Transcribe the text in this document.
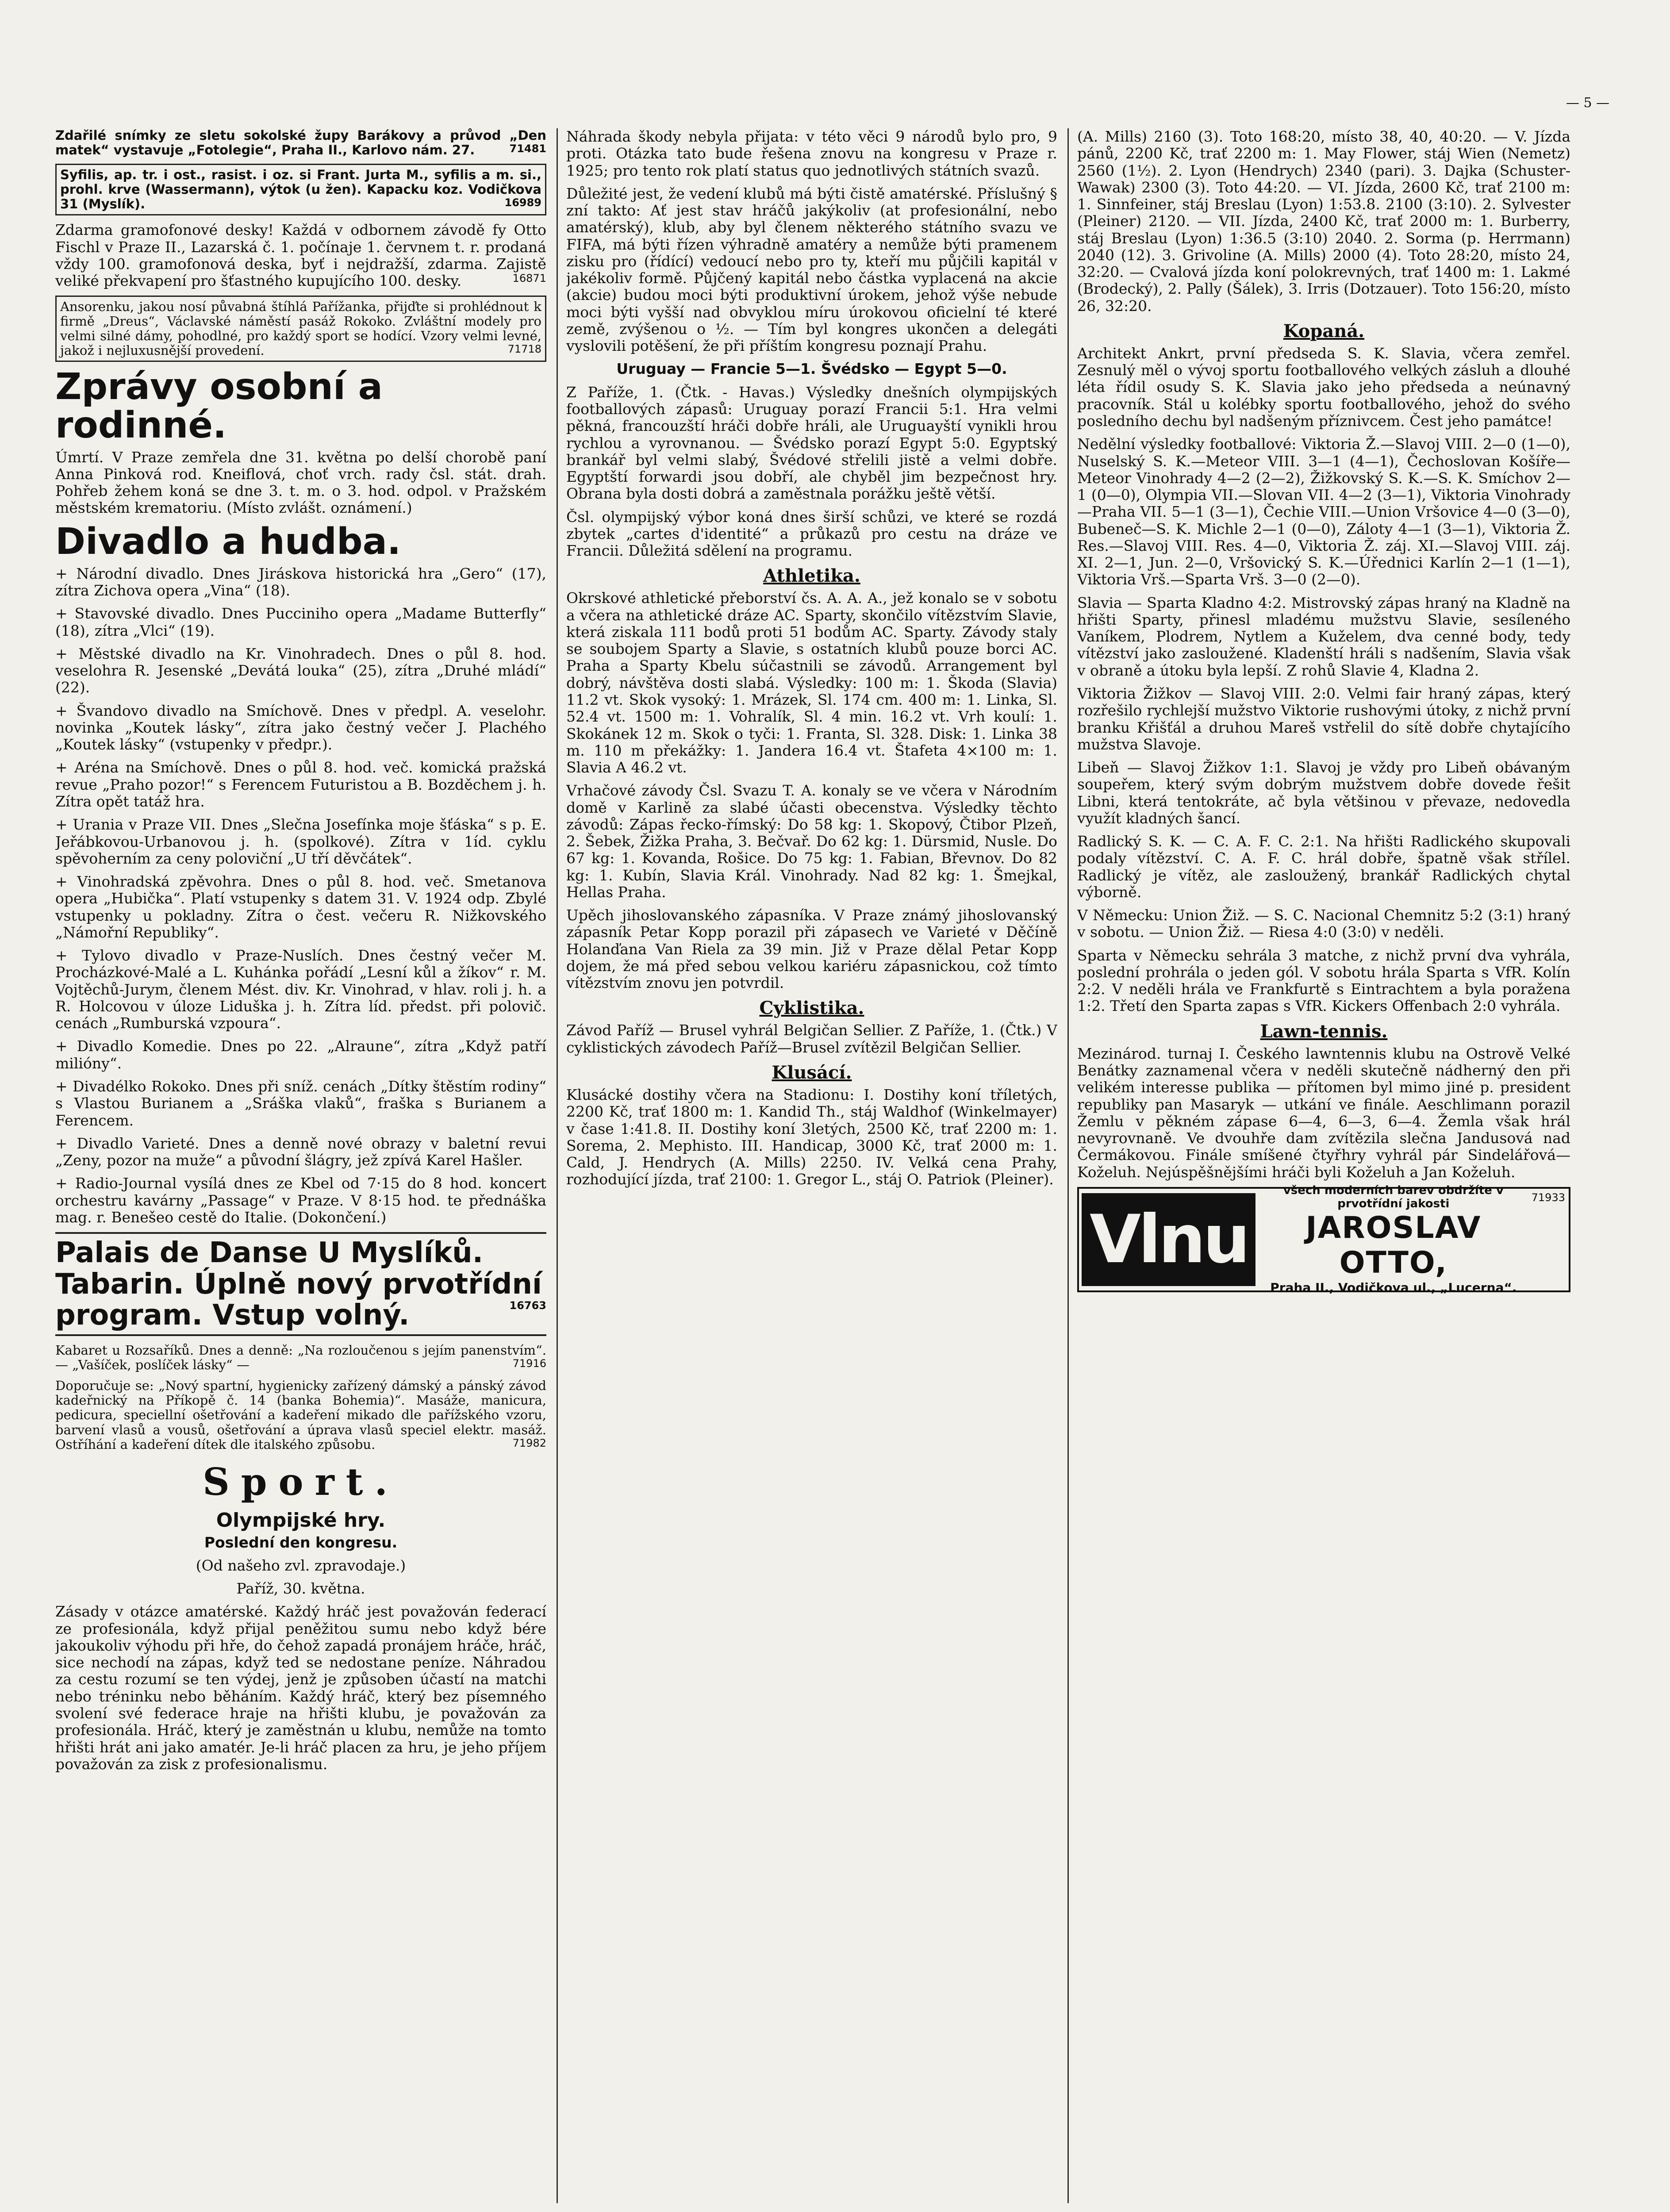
— 5 —

Zdařilé snímky ze sletu sokolské župy Barákovy a průvod „Den matek“ vystavuje „Fotolegie“, Praha II., Karlovo nám. 27.	71481

Syfilis, ap. tr. i ost., rasist. i oz. si Frant. Jurta M., syfilis a m. si., prohl. krve (Wassermann), výtok (u žen). Kapacku koz. Vodičkova 31 (Myslík).	16989

Zdarma gramofonové desky! Každá v odbornem závodě fy Otto Fischl v Praze II., Lazarská č. 1. počínaje 1. červnem t. r. prodaná vždy 100. gramofonová deska, byť i nejdražší, zdarma. Zajistě veliké překvapení pro šťastného kupujícího 100. desky.	16871

Ansorenku, jakou nosí půvabná štíhlá Pařížanka, přijďte si prohlédnout k firmě „Dreus“, Václavské náměstí pasáž Rokoko. Zvláštní modely pro velmi silné dámy, pohodlné, pro každý sport se hodící. Vzory velmi levné, jakož i nejluxusnější provedení.	71718

Zprávy osobní a rodinné.

Úmrtí. V Praze zemřela dne 31. května po delší chorobě paní Anna Pinková rod. Kneiflová, choť vrch. rady čsl. stát. drah. Pohřeb žehem koná se dne 3. t. m. o 3. hod. odpol. v Pražském městském krematoriu. (Místo zvlášt. oznámení.)

Divadlo a hudba.

+ Národní divadlo. Dnes Jiráskova historická hra „Gero“ (17), zítra Zichova opera „Vina“ (18).

+ Stavovské divadlo. Dnes Pucciniho opera „Madame Butterfly“ (18), zítra „Vlci“ (19).

+ Městské divadlo na Kr. Vinohradech. Dnes o půl 8. hod. veselohra R. Jesenské „Devátá louka“ (25), zítra „Druhé mládí“ (22).

+ Švandovo divadlo na Smíchově. Dnes v předpl. A. veselohr. novinka „Koutek lásky“, zítra jako čestný večer J. Plachého „Koutek lásky“ (vstupenky v předpr.).

+ Aréna na Smíchově. Dnes o půl 8. hod. več. komická pražská revue „Praho pozor!“ s Ferencem Futuristou a B. Bozděchem j. h. Zítra opět tatáž hra.

+ Urania v Praze VII. Dnes „Slečna Josefínka moje šťáska“ s p. E. Jeřábkovou-Urbanovou j. h. (spolkové). Zítra v 1íd. cyklu spěvoherním za ceny poloviční „U tří děvčátek“.

+ Vinohradská zpěvohra. Dnes o půl 8. hod. več. Smetanova opera „Hubička“. Platí vstupenky s datem 31. V. 1924 odp. Zbylé vstupenky u pokladny. Zítra o čest. večeru R. Nižkovského „Námořní Republiky“.

+ Tylovo divadlo v Praze-Nuslích. Dnes čestný večer M. Procházkové-Malé a L. Kuhánka pořádí „Lesní kůl a žíkov“ r. M. Vojtěchů-Jurym, členem Mést. div. Kr. Vinohrad, v hlav. roli j. h. a R. Holcovou v úloze Liduška j. h. Zítra líd. předst. při polovič. cenách „Rumburská vzpoura“.

+ Divadlo Komedie. Dnes po 22. „Alraune“, zítra „Když patří milióny“.

+ Divadélko Rokoko. Dnes při sníž. cenách „Dítky štěstím rodiny“ s Vlastou Burianem a „Sráška vlaků“, fraška s Burianem a Ferencem.

+ Divadlo Varieté. Dnes a denně nové obrazy v baletní revui „Zeny, pozor na muže“ a původní šlágry, jež zpívá Karel Hašler.

+ Radio-Journal vysílá dnes ze Kbel od 7·15 do 8 hod. koncert orchestru kavárny „Passage“ v Praze. V 8·15 hod. te přednáška mag. r. Benešeo cestě do Italie. (Dokončení.)

Palais de Danse U Myslíků. Tabarin. Úplně nový prvotřídní program. Vstup volný.	16763

Kabaret u Rozsaříků. Dnes a denně: „Na rozloučenou s jejím panenstvím“. — „Vašíček, poslíček lásky“ —	71916

Doporučuje se: „Nový spartní, hygienicky zařízený dámský a pánský závod kadeřnický na Příkopě č. 14 (banka Bohemia)“. Masáže, manicura, pedicura, speciellní ošetřování a kadeření mikado dle pařížského vzoru, barvení vlasů a vousů, ošetřování a úprava vlasů speciel elektr. masáž. Ostříhání a kadeření dítek dle italského způsobu.	71982

Sport.
Olympijské hry.

Poslední den kongresu.

(Od našeho zvl. zpravodaje.)

Paříž, 30. května.

Zásady v otázce amatérské. Každý hráč jest považován federací ze profesionála, když přijal peněžitou sumu nebo když bére jakoukoliv výhodu při hře, do čehož zapadá pronájem hráče, hráč, sice nechodí na zápas, když ted se nedostane peníze. Náhradou za cestu rozumí se ten výdej, jenž je způsoben účastí na matchi nebo tréninku nebo běháním. Každý hráč, který bez písemného svolení své federace hraje na hřišti klubu, je považován za profesionála. Hráč, který je zaměstnán u klubu, nemůže na tomto hřišti hrát ani jako amatér. Je-li hráč placen za hru, je jeho příjem považován za zisk z profesionalismu.

Náhrada škody nebyla přijata: v této věci 9 národů bylo pro, 9 proti. Otázka tato bude řešena znovu na kongresu v Praze r. 1925; pro tento rok platí status quo jednotlivých státních svazů.

Důležité jest, že vedení klubů má býti čistě amatérské. Příslušný § zní takto: Ať jest stav hráčů jakýkoliv (at profesionální, nebo amatérský), klub, aby byl členem některého státního svazu ve FIFA, má býti řízen výhradně amatéry a nemůže býti pramenem zisku pro (řídící) vedoucí nebo pro ty, kteří mu půjčili kapitál v jakékoliv formě. Půjčený kapitál nebo částka vyplacená na akcie (akcie) budou moci býti produktivní úrokem, jehož výše nebude moci býti vyšší nad obvyklou míru úrokovou oficielní té které země, zvýšenou o ½. — Tím byl kongres ukončen a delegáti vyslovili potěšení, že při příštím kongresu poznají Prahu.

Uruguay — Francie 5—1. Švédsko — Egypt 5—0.

Z Paříže, 1. (Čtk. - Havas.) Výsledky dnešních olympijských footballových zápasů: Uruguay porazí Francii 5:1. Hra velmi pěkná, francouzští hráči dobře hráli, ale Uruguayští vynikli hrou rychlou a vyrovnanou. — Švédsko porazí Egypt 5:0. Egyptský brankář byl velmi slabý, Švédové střelili jistě a velmi dobře. Egyptští forwardi jsou dobří, ale chyběl jim bezpečnost hry. Obrana byla dosti dobrá a zaměstnala porážku ještě větší.

Čsl. olympijský výbor koná dnes širší schůzi, ve které se rozdá zbytek „cartes d'identité“ a průkazů pro cestu na dráze ve Francii. Důležitá sdělení na programu.

Athletika.

Okrskové athletické přeborství čs. A. A. A., jež konalo se v sobotu a včera na athletické dráze AC. Sparty, skončilo vítězstvím Slavie, která ziskala 111 bodů proti 51 bodům AC. Sparty. Závody staly se soubojem Sparty a Slavie, s ostatních klubů pouze borci AC. Praha a Sparty Kbelu súčastnili se závodů. Arrangement byl dobrý, návštěva dosti slabá. Výsledky: 100 m: 1. Škoda (Slavia) 11.2 vt. Skok vysoký: 1. Mrázek, Sl. 174 cm. 400 m: 1. Linka, Sl. 52.4 vt. 1500 m: 1. Vohralík, Sl. 4 min. 16.2 vt. Vrh koulí: 1. Skokánek 12 m. Skok o tyči: 1. Franta, Sl. 328. Disk: 1. Linka 38 m. 110 m překážky: 1. Jandera 16.4 vt. Štafeta 4×100 m: 1. Slavia A 46.2 vt.

Vrhačové závody Čsl. Svazu T. A. konaly se ve včera v Národním domě v Karlině za slabé účasti obecenstva. Výsledky těchto závodů: Zápas řecko-římský: Do 58 kg: 1. Skopový, Čtibor Plzeň, 2. Šebek, Žižka Praha, 3. Bečvař. Do 62 kg: 1. Dürsmid, Nusle. Do 67 kg: 1. Kovanda, Rošice. Do 75 kg: 1. Fabian, Břevnov. Do 82 kg: 1. Kubín, Slavia Král. Vinohrady. Nad 82 kg: 1. Šmejkal, Hellas Praha.

Upěch jihoslovanského zápasníka. V Praze známý jihoslovanský zápasník Petar Kopp porazil při zápasech ve Varieté v Děčíně Holanďana Van Riela za 39 min. Již v Praze dělal Petar Kopp dojem, že má před sebou velkou kariéru zápasnickou, což tímto vítězstvím znovu jen potvrdil.

Cyklistika.

Závod Paříž — Brusel vyhrál Belgičan Sellier. Z Paříže, 1. (Čtk.) V cyklistických závodech Paříž—Brusel zvítězil Belgičan Sellier.

Klusácí.

Klusácké dostihy včera na Stadionu: I. Dostihy koní tříletých, 2200 Kč, trať 1800 m: 1. Kandid Th., stáj Waldhof (Winkelmayer) v čase 1:41.8. II. Dostihy koní 3letých, 2500 Kč, trať 2200 m: 1. Sorema, 2. Mephisto. III. Handicap, 3000 Kč, trať 2000 m: 1. Cald, J. Hendrych (A. Mills) 2250. IV. Velká cena Prahy, rozhodující jízda, trať 2100: 1. Gregor L., stáj O. Patriok (Pleiner).

(A. Mills) 2160 (3). Toto 168:20, místo 38, 40, 40:20. — V. Jízda pánů, 2200 Kč, trať 2200 m: 1. May Flower, stáj Wien (Nemetz) 2560 (1½). 2. Lyon (Hendrych) 2340 (pari). 3. Dajka (Schuster-Wawak) 2300 (3). Toto 44:20. — VI. Jízda, 2600 Kč, trať 2100 m: 1. Sinnfeiner, stáj Breslau (Lyon) 1:53.8. 2100 (3:10). 2. Sylvester (Pleiner) 2120. — VII. Jízda, 2400 Kč, trať 2000 m: 1. Burberry, stáj Breslau (Lyon) 1:36.5 (3:10) 2040. 2. Sorma (p. Herrmann) 2040 (12). 3. Grivoline (A. Mills) 2000 (4). Toto 28:20, místo 24, 32:20. — Cvalová jízda koní polokrevných, trať 1400 m: 1. Lakmé (Brodecký), 2. Pally (Šálek), 3. Irris (Dotzauer). Toto 156:20, místo 26, 32:20.

Kopaná.

Architekt Ankrt, první předseda S. K. Slavia, včera zemřel. Zesnulý měl o vývoj sportu footballového velkých zásluh a dlouhé léta řídil osudy S. K. Slavia jako jeho předseda a neúnavný pracovník. Stál u kolébky sportu footballového, jehož do svého posledního dechu byl nadšeným příznivcem. Čest jeho památce!

Nedělní výsledky footballové: Viktoria Ž.—Slavoj VIII. 2—0 (1—0), Nuselský S. K.—Meteor VIII. 3—1 (4—1), Čechoslovan Košíře—Meteor Vinohrady 4—2 (2—2), Žižkovský S. K.—S. K. Smíchov 2—1 (0—0), Olympia VII.—Slovan VII. 4—2 (3—1), Viktoria Vinohrady—Praha VII. 5—1 (3—1), Čechie VIII.—Union Vršovice 4—0 (3—0), Bubeneč—S. K. Michle 2—1 (0—0), Záloty 4—1 (3—1), Viktoria Ž. Res.—Slavoj VIII. Res. 4—0, Viktoria Ž. záj. XI.—Slavoj VIII. záj. XI. 2—1, Jun. 2—0, Vršovický S. K.—Úřednici Karlín 2—1 (1—1), Viktoria Vrš.—Sparta Vrš. 3—0 (2—0).

Slavia — Sparta Kladno 4:2. Mistrovský zápas hraný na Kladně na hřišti Sparty, přinesl mladému mužstvu Slavie, sesíleného Vaníkem, Plodrem, Nytlem a Kuželem, dva cenné body, tedy vítězství jako zasloužené. Kladenští hráli s nadšením, Slavia však v obraně a útoku byla lepší. Z rohů Slavie 4, Kladna 2.

Viktoria Žižkov — Slavoj VIII. 2:0. Velmi fair hraný zápas, který rozřešilo rychlejší mužstvo Viktorie rushovými útoky, z nichž první branku Křišťál a druhou Mareš vstřelil do sítě dobře chytajícího mužstva Slavoje.

Libeň — Slavoj Žižkov 1:1. Slavoj je vždy pro Libeň obávaným soupeřem, který svým dobrým mužstvem dobře dovede řešit Libni, která tentokráte, ač byla většinou v převaze, nedovedla využít kladných šancí.

Radlický S. K. — C. A. F. C. 2:1. Na hřišti Radlického skupovali podaly vítězství. C. A. F. C. hrál dobře, špatně však střílel. Radlický je vítěz, ale zasloužený, brankář Radlických chytal výborně.

V Německu: Union Žiž. — S. C. Nacional Chemnitz 5:2 (3:1) hraný v sobotu. — Union Žiž. — Riesa 4:0 (3:0) v neděli.

Sparta v Německu sehrála 3 matche, z nichž první dva vyhrála, poslední prohrála o jeden gól. V sobotu hrála Sparta s VfR. Kolín 2:2. V neděli hrála ve Frankfurtě s Eintrachtem a byla poražena 1:2. Třetí den Sparta zapas s VfR. Kickers Offenbach 2:0 vyhrála.

Lawn-tennis.

Mezinárod. turnaj I. Českého lawntennis klubu na Ostrově Velké Benátky zaznamenal včera v neděli skutečně nádherný den při velikém interesse publika — přítomen byl mimo jiné p. president republiky pan Masaryk — utkání ve finále. Aeschlimann porazil Žemlu v pěkném zápase 6—4, 6—3, 6—4. Žemla však hrál nevyrovnaně. Ve dvouhře dam zvítězila slečna Jandusová nad Čermákovou. Finále smíšené čtyřhry vyhrál pár Sindelářová—Koželuh. Nejúspěšnějšími hráči byli Koželuh a Jan Koželuh.

Vlnu
všech moderních barev obdržíte v prvotřídní jakosti
JAROSLAV OTTO,
Praha II., Vodičkova ul., „Lucerna“.
71933
